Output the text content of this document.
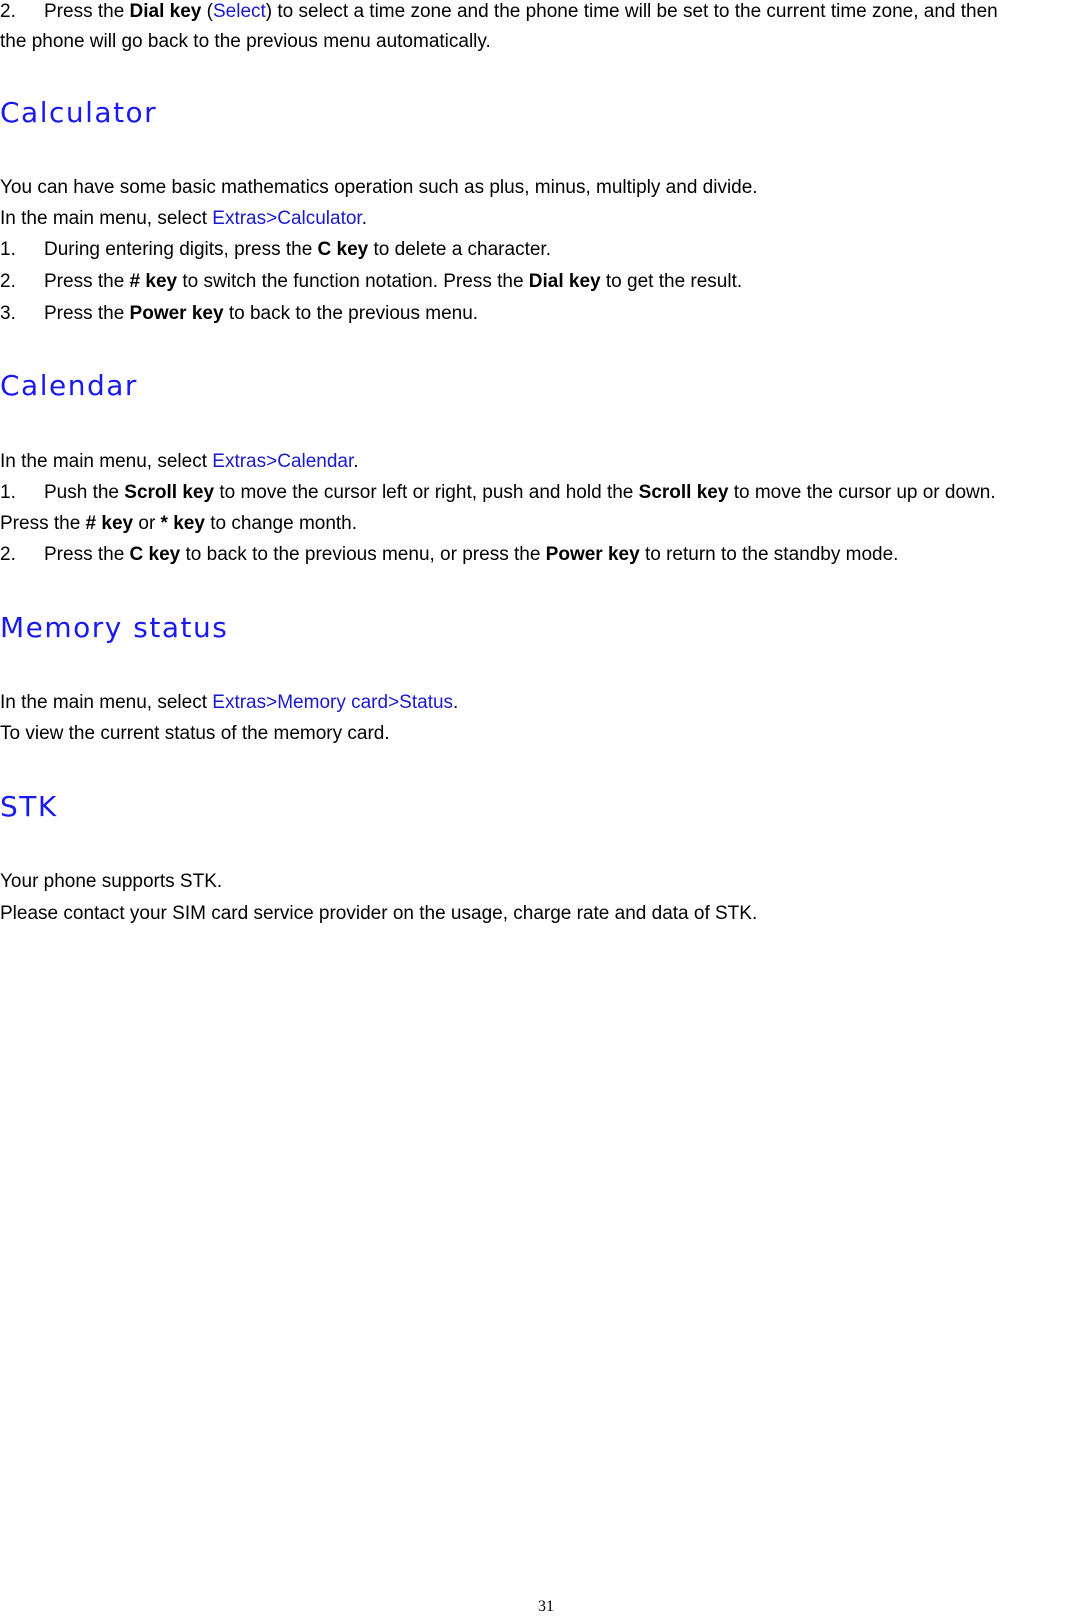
2. Press the Dial key (Select) to select a time zone and the phone time will be set to the current time zone, and then
the phone will go back to the previous menu automatically.
Calculator
You can have some basic mathematics operation such as plus, minus, multiply and divide.
In the main menu, select Extras>Calculator.
1. During entering digits, press the C key to delete a character.
2. Press the # key to switch the function notation. Press the Dial key to get the result.
3. Press the Power key to back to the previous menu.
Calendar
In the main menu, select Extras>Calendar.
1. Push the Scroll key to move the cursor left or right, push and hold the Scroll key to move the cursor up or down.
Press the # key or * key to change month.
2. Press the C key to back to the previous menu, or press the Power key to return to the standby mode.
Memory status
In the main menu, select Extras>Memory card>Status.
To view the current status of the memory card.
STK
Your phone supports STK.
Please contact your SIM card service provider on the usage, charge rate and data of STK.
31
